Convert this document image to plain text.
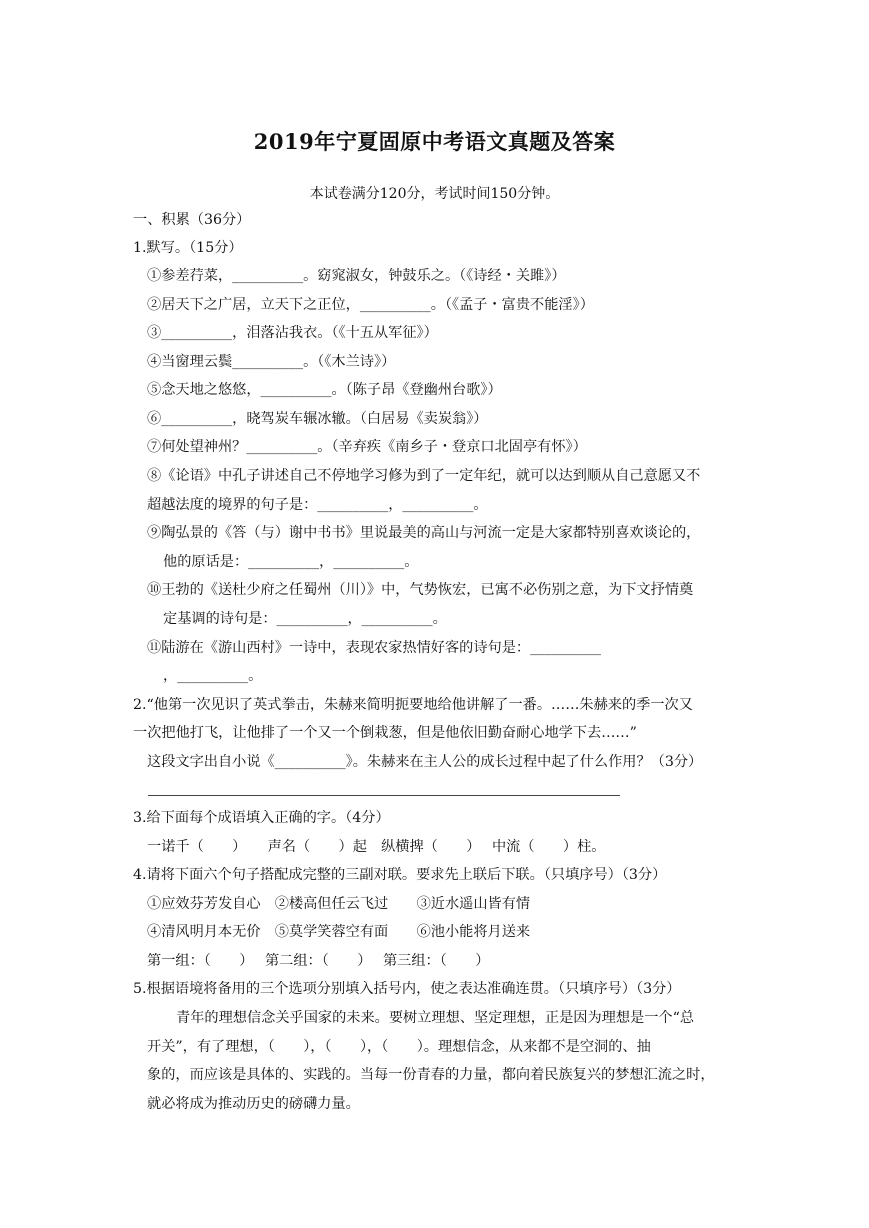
2019年宁夏固原中考语文真题及答案
本试卷满分120分，考试时间150分钟。
一、积累（36分）
1.默写。（15分）
①参差荇菜，__________。窈窕淑女，钟鼓乐之。（《诗经・关雎》）
②居天下之广居，立天下之正位，__________。（《孟子・富贵不能淫》）
③__________，泪落沾我衣。（《十五从军征》）
④当窗理云鬓__________。（《木兰诗》）
⑤念天地之悠悠，__________。（陈子昂《登幽州台歌》）
⑥__________，晓驾炭车辗冰辙。（白居易《卖炭翁》）
⑦何处望神州？__________。（辛弃疾《南乡子・登京口北固亭有怀》）
⑧《论语》中孔子讲述自己不停地学习修为到了一定年纪，就可以达到顺从自己意愿又不
超越法度的境界的句子是：__________，__________。
⑨陶弘景的《答（与）谢中书书》里说最美的高山与河流一定是大家都特别喜欢谈论的，
他的原话是：__________，__________。
⑩王勃的《送杜少府之任蜀州（川）》中，气势恢宏，已寓不必伤别之意，为下文抒情奠
定基调的诗句是：__________，__________。
⑪陆游在《游山西村》一诗中，表现农家热情好客的诗句是：__________
，__________。
2.“他第一次见识了英式拳击，朱赫来简明扼要地给他讲解了一番。……朱赫来的季一次又
一次把他打飞，让他排了一个又一个倒栽葱，但是他依旧勤奋耐心地学下去……”
这段文字出自小说《__________》。朱赫来在主人公的成长过程中起了什么作用？（3分）
3.给下面每个成语填入正确的字。（4分）
一诺千（　　）　　声名（　　）起　纵横捭（　　）　 中流（　　）柱。
4.请将下面六个句子搭配成完整的三副对联。要求先上联后下联。（只填序号）（3分）
①应效芬芳发自心　②楼高但任云飞过　　③近水遥山皆有情
④清风明月本无价　⑤莫学笑蓉空有面　　⑥池小能将月送来
第一组：（　　）　 第二组：（　　）　 第三组：（　　）
5.根据语境将备用的三个选项分别填入括号内，使之表达准确连贯。（只填序号）（3分）
青年的理想信念关乎国家的未来。要树立理想、坚定理想，正是因为理想是一个“总
开关”，有了理想，（　　），（　　），（　　）。理想信念，从来都不是空洞的、抽
象的，而应该是具体的、实践的。当每一份青春的力量，都向着民族复兴的梦想汇流之时，
就必将成为推动历史的磅礴力量。
